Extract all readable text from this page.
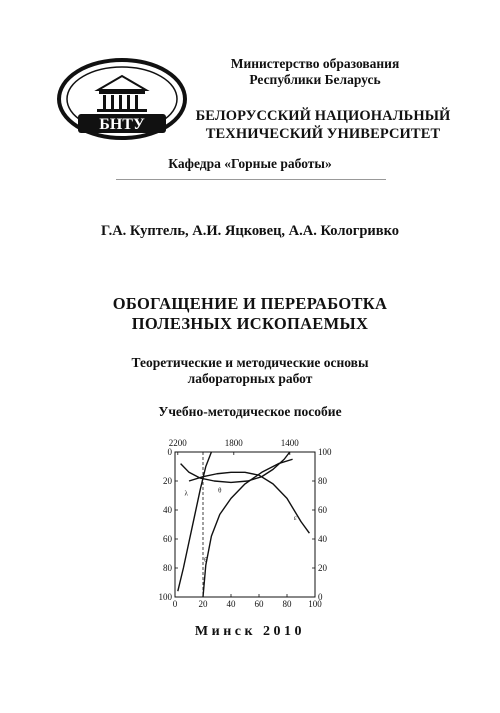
БНТУ
Министерство образования
Республики Беларусь
БЕЛОРУССКИЙ НАЦИОНАЛЬНЫЙ
ТЕХНИЧЕСКИЙ УНИВЕРСИТЕТ
Кафедра «Горные работы»
Г.А. Куптель, А.И. Яцковец, А.А. Кологривко
ОБОГАЩЕНИЕ И ПЕРЕРАБОТКА
ПОЛЕЗНЫХ ИСКОПАЕМЫХ
Теоретические и методические основы
лабораторных работ
Учебно-методическое пособие
0 20 40 60 80 100
0	100
20	80
40	60
60	40
80	20
100	0
2200	1800	1400
λ	θ
θ
ε
Минск 2010
